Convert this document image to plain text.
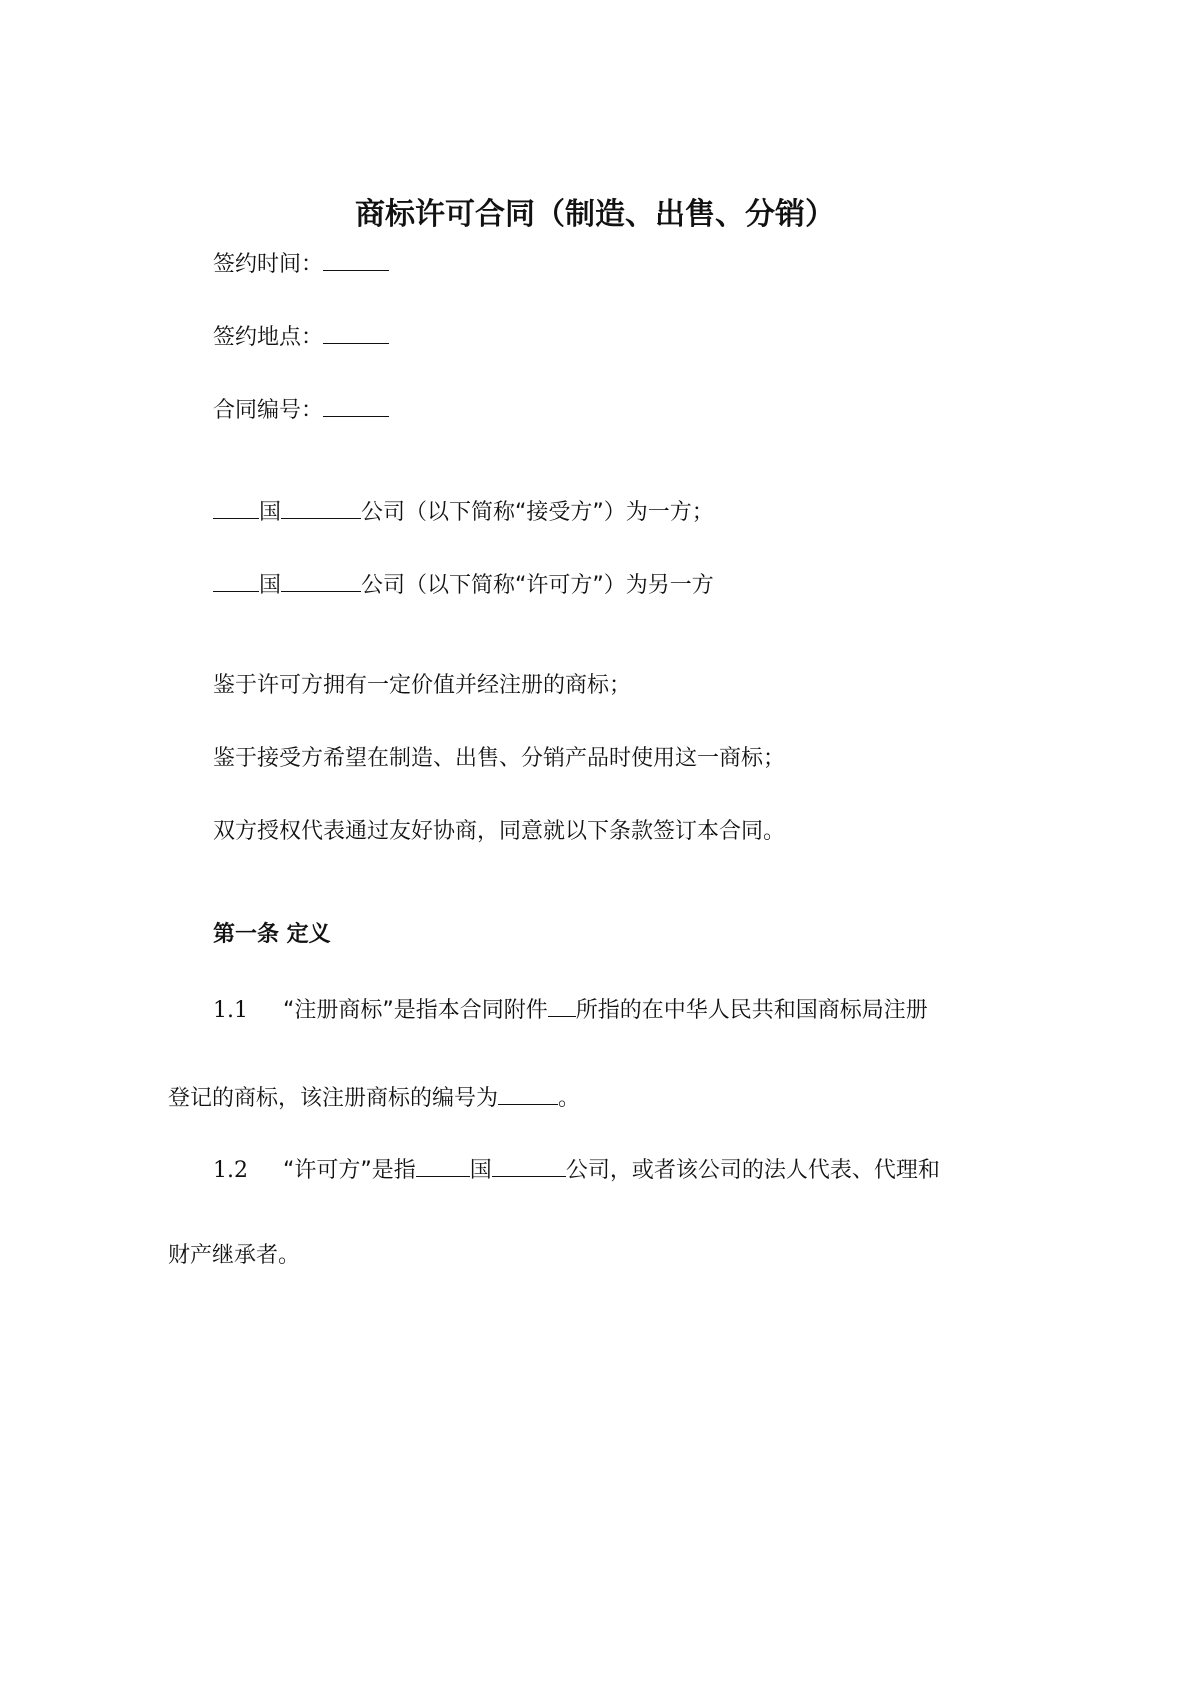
商标许可合同（制造、出售、分销）
签约时间：
签约地点：
合同编号：
国	公司（以下简称“接受方”）为一方；
国	公司（以下简称“许可方”）为另一方
鉴于许可方拥有一定价值并经注册的商标；
鉴于接受方希望在制造、出售、分销产品时使用这一商标；
双方授权代表通过友好协商，同意就以下条款签订本合同。
第一条 定义
1.1 “注册商标”是指本合同附件 所指的在中华人民共和国商标局注册
登记的商标，该注册商标的编号为	。
1.2 “许可方”是指 国	公司，或者该公司的法人代表、代理和
财产继承者。
